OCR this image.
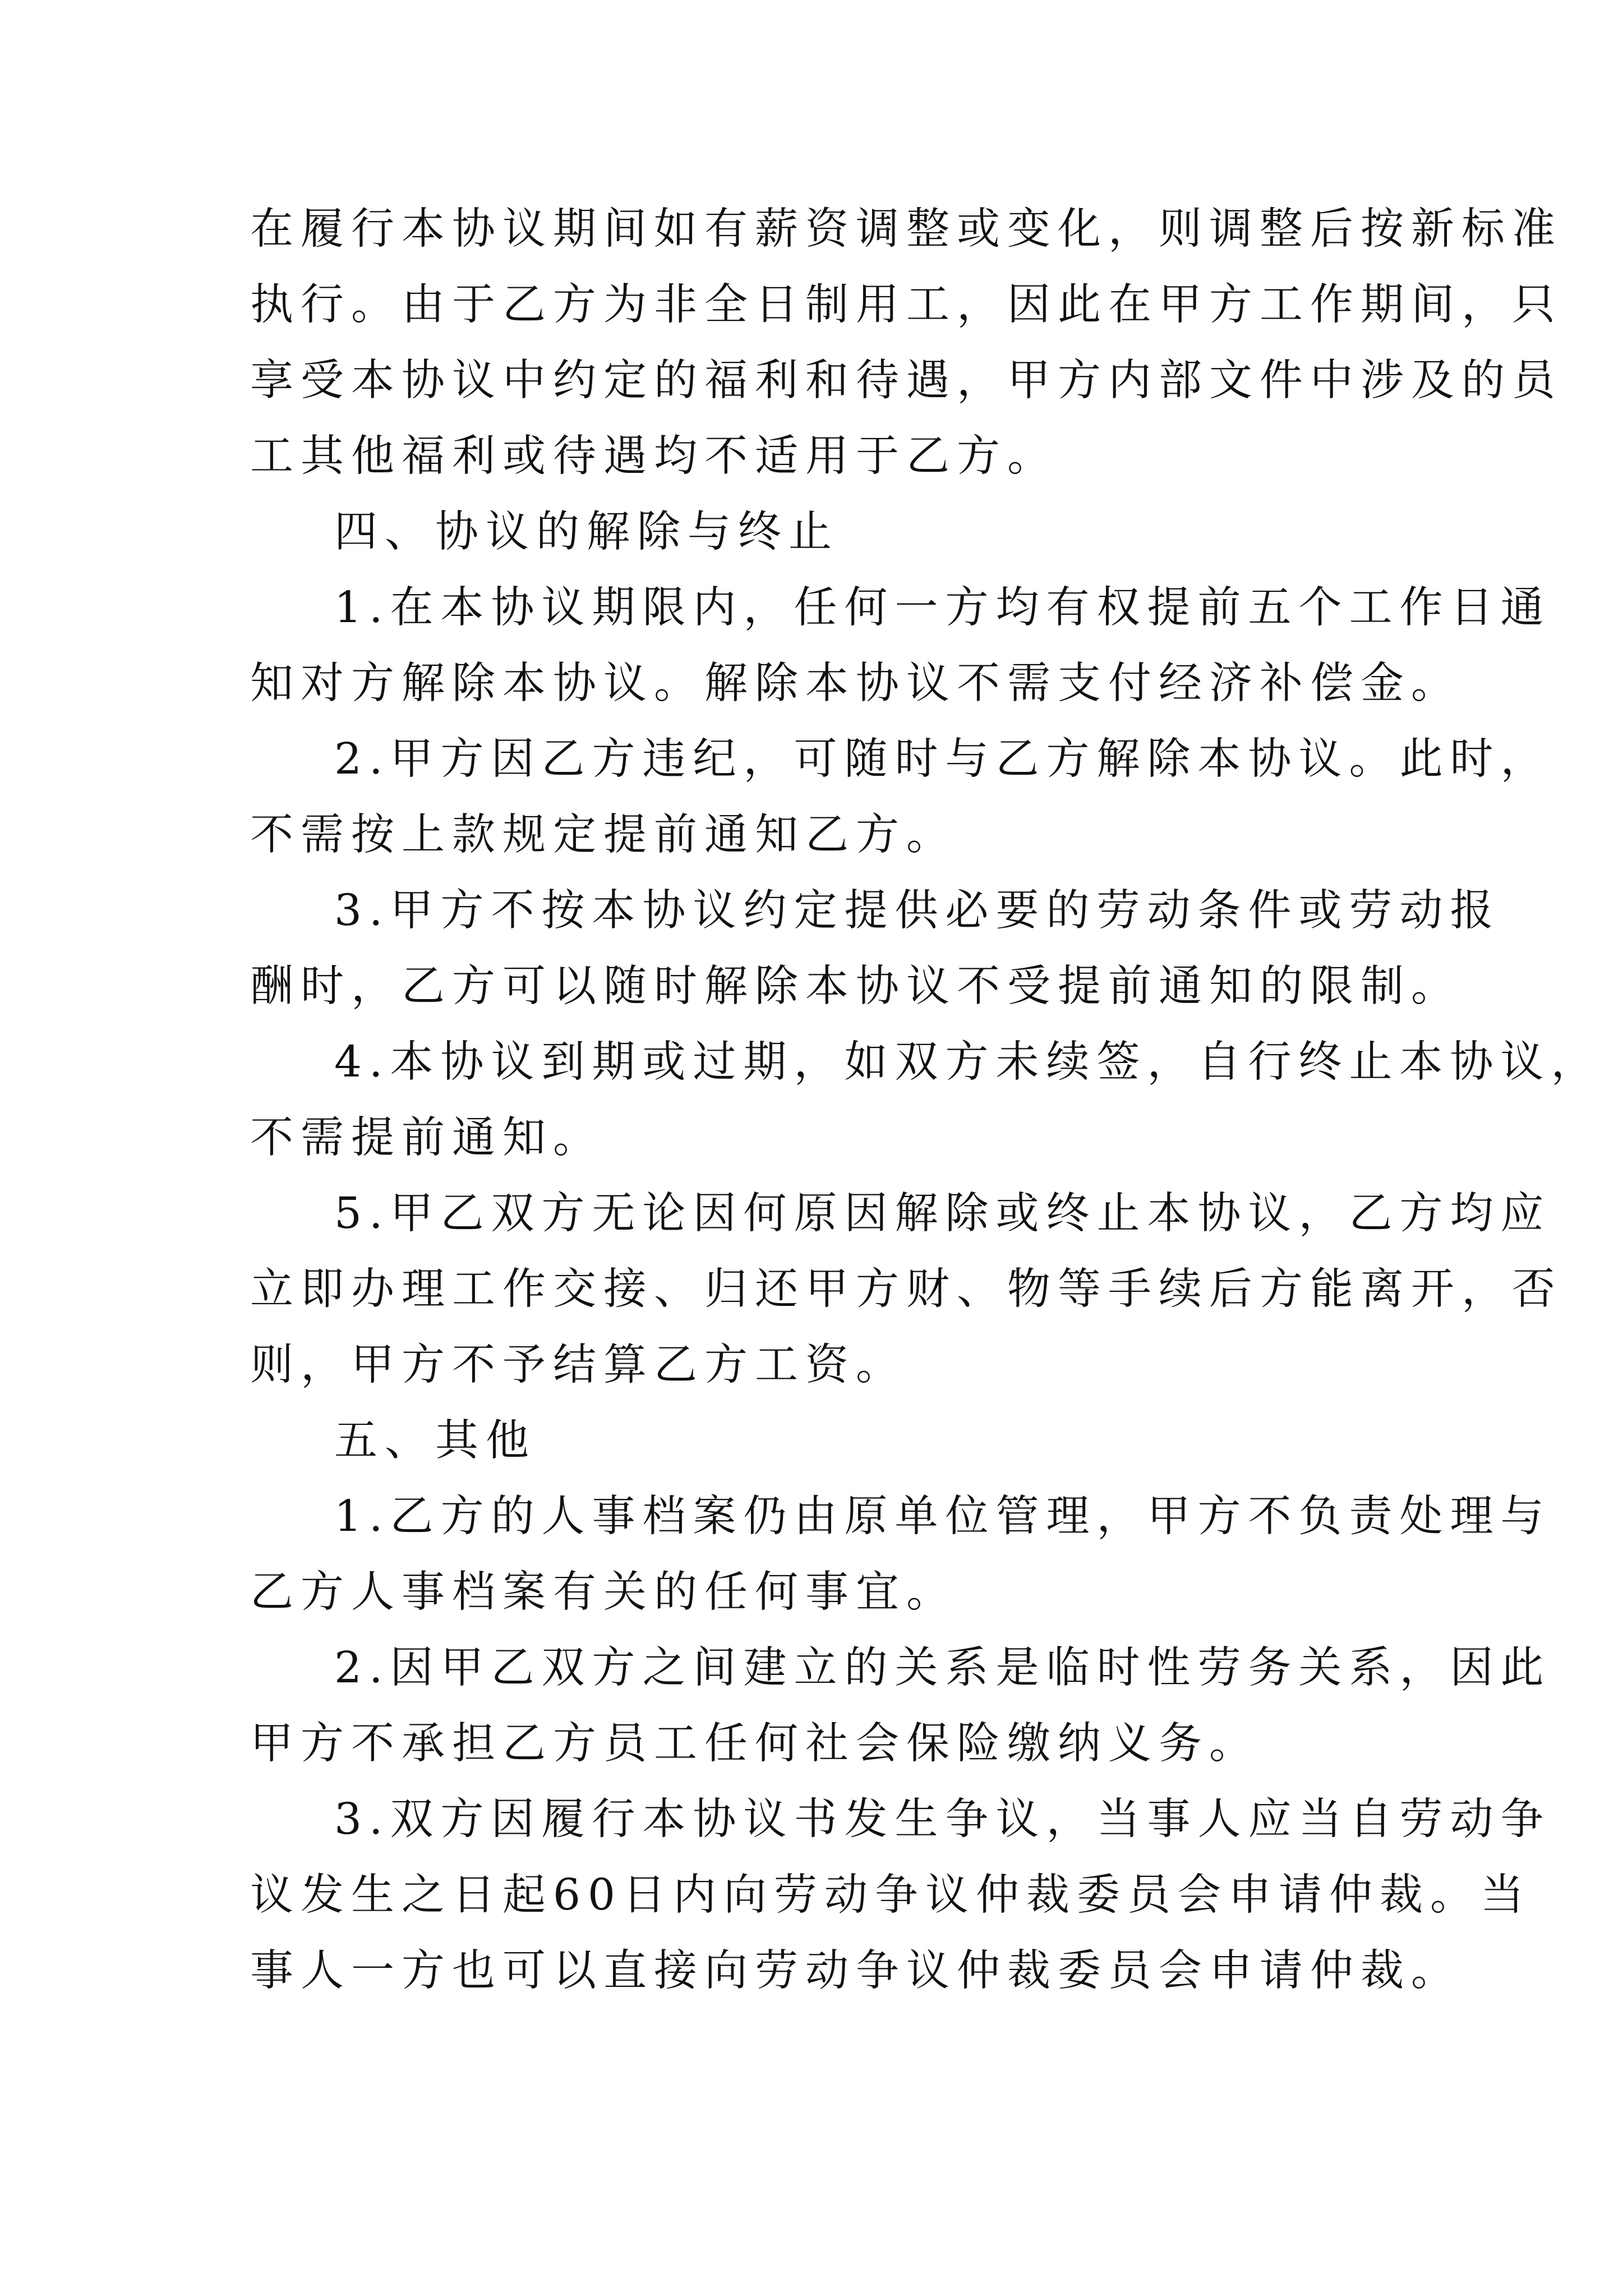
在履行本协议期间如有薪资调整或变化，则调整后按新标准
执行。由于乙方为非全日制用工，因此在甲方工作期间，只
享受本协议中约定的福利和待遇，甲方内部文件中涉及的员
工其他福利或待遇均不适用于乙方。
四、协议的解除与终止
1.在本协议期限内，任何一方均有权提前五个工作日通
知对方解除本协议。解除本协议不需支付经济补偿金。
2.甲方因乙方违纪，可随时与乙方解除本协议。此时，
不需按上款规定提前通知乙方。
3.甲方不按本协议约定提供必要的劳动条件或劳动报
酬时，乙方可以随时解除本协议不受提前通知的限制。
4.本协议到期或过期，如双方未续签，自行终止本协议，
不需提前通知。
5.甲乙双方无论因何原因解除或终止本协议，乙方均应
立即办理工作交接、归还甲方财、物等手续后方能离开，否
则，甲方不予结算乙方工资。
五、其他
1.乙方的人事档案仍由原单位管理，甲方不负责处理与
乙方人事档案有关的任何事宜。
2.因甲乙双方之间建立的关系是临时性劳务关系，因此
甲方不承担乙方员工任何社会保险缴纳义务。
3.双方因履行本协议书发生争议，当事人应当自劳动争
议发生之日起60日内向劳动争议仲裁委员会申请仲裁。当
事人一方也可以直接向劳动争议仲裁委员会申请仲裁。
